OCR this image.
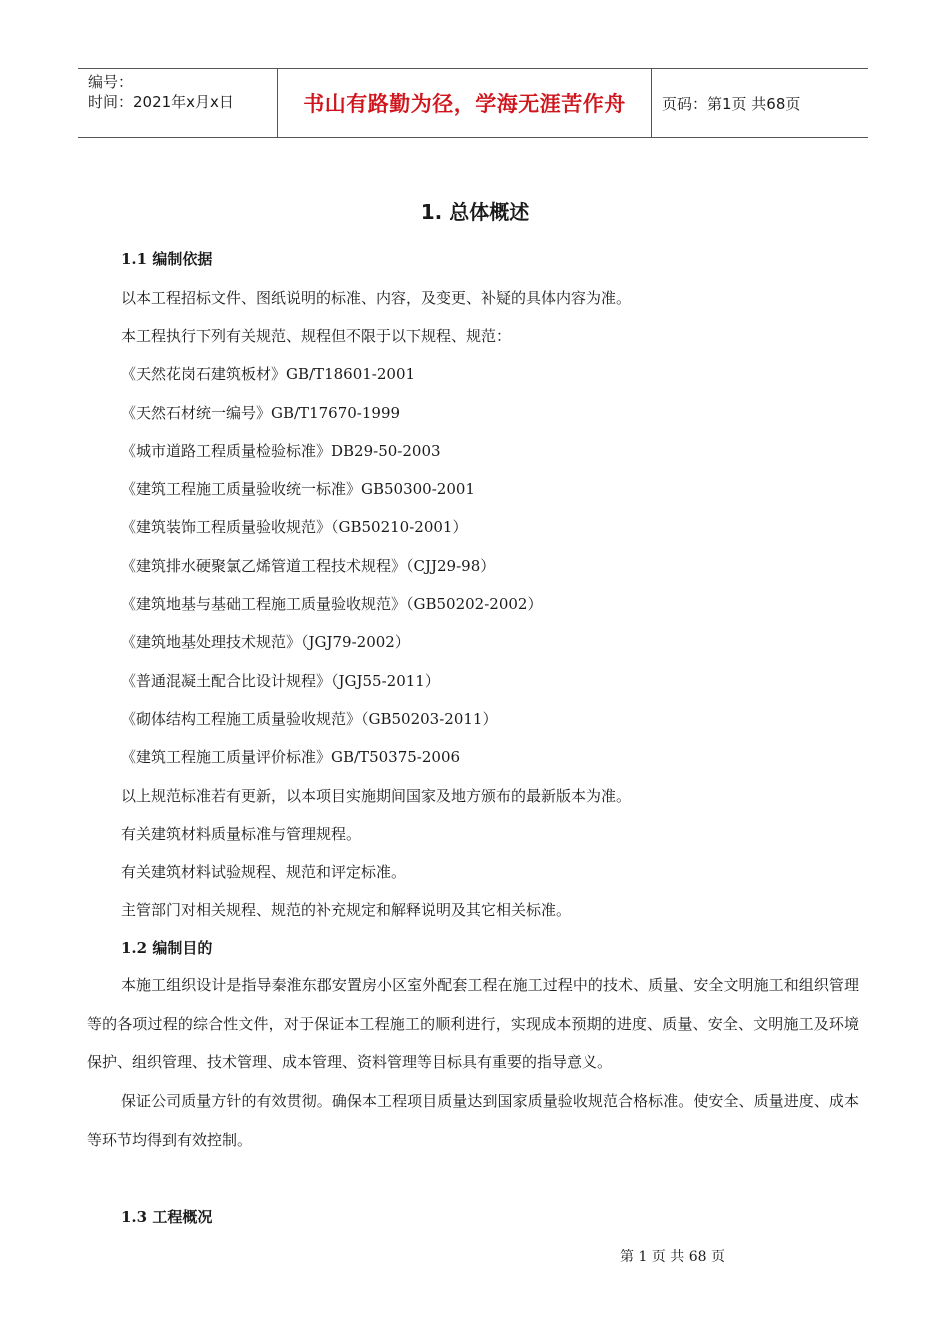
编号：
时间：2021年x月x日	书山有路勤为径，学海无涯苦作舟	页码：第1页 共68页
1. 总体概述
1.1 编制依据
以本工程招标文件、图纸说明的标准、内容，及变更、补疑的具体内容为准。
本工程执行下列有关规范、规程但不限于以下规程、规范：
《天然花岗石建筑板材》GB/T18601-2001
《天然石材统一编号》GB/T17670-1999
《城市道路工程质量检验标准》DB29-50-2003
《建筑工程施工质量验收统一标准》GB50300-2001
《建筑装饰工程质量验收规范》（GB50210-2001）
《建筑排水硬聚氯乙烯管道工程技术规程》（CJJ29-98）
《建筑地基与基础工程施工质量验收规范》（GB50202-2002）
《建筑地基处理技术规范》（JGJ79-2002）
《普通混凝土配合比设计规程》（JGJ55-2011）
《砌体结构工程施工质量验收规范》（GB50203-2011）
《建筑工程施工质量评价标准》GB/T50375-2006
以上规范标准若有更新，以本项目实施期间国家及地方颁布的最新版本为准。
有关建筑材料质量标准与管理规程。
有关建筑材料试验规程、规范和评定标准。
主管部门对相关规程、规范的补充规定和解释说明及其它相关标准。
1.2 编制目的
本施工组织设计是指导秦淮东郡安置房小区室外配套工程在施工过程中的技术、质量、安全文明施工和组织管理等的各项过程的综合性文件，对于保证本工程施工的顺利进行，实现成本预期的进度、质量、安全、文明施工及环境保护、组织管理、技术管理、成本管理、资料管理等目标具有重要的指导意义。
保证公司质量方针的有效贯彻。确保本工程项目质量达到国家质量验收规范合格标准。使安全、质量进度、成本等环节均得到有效控制。
1.3 工程概况
第 1 页 共 68 页
